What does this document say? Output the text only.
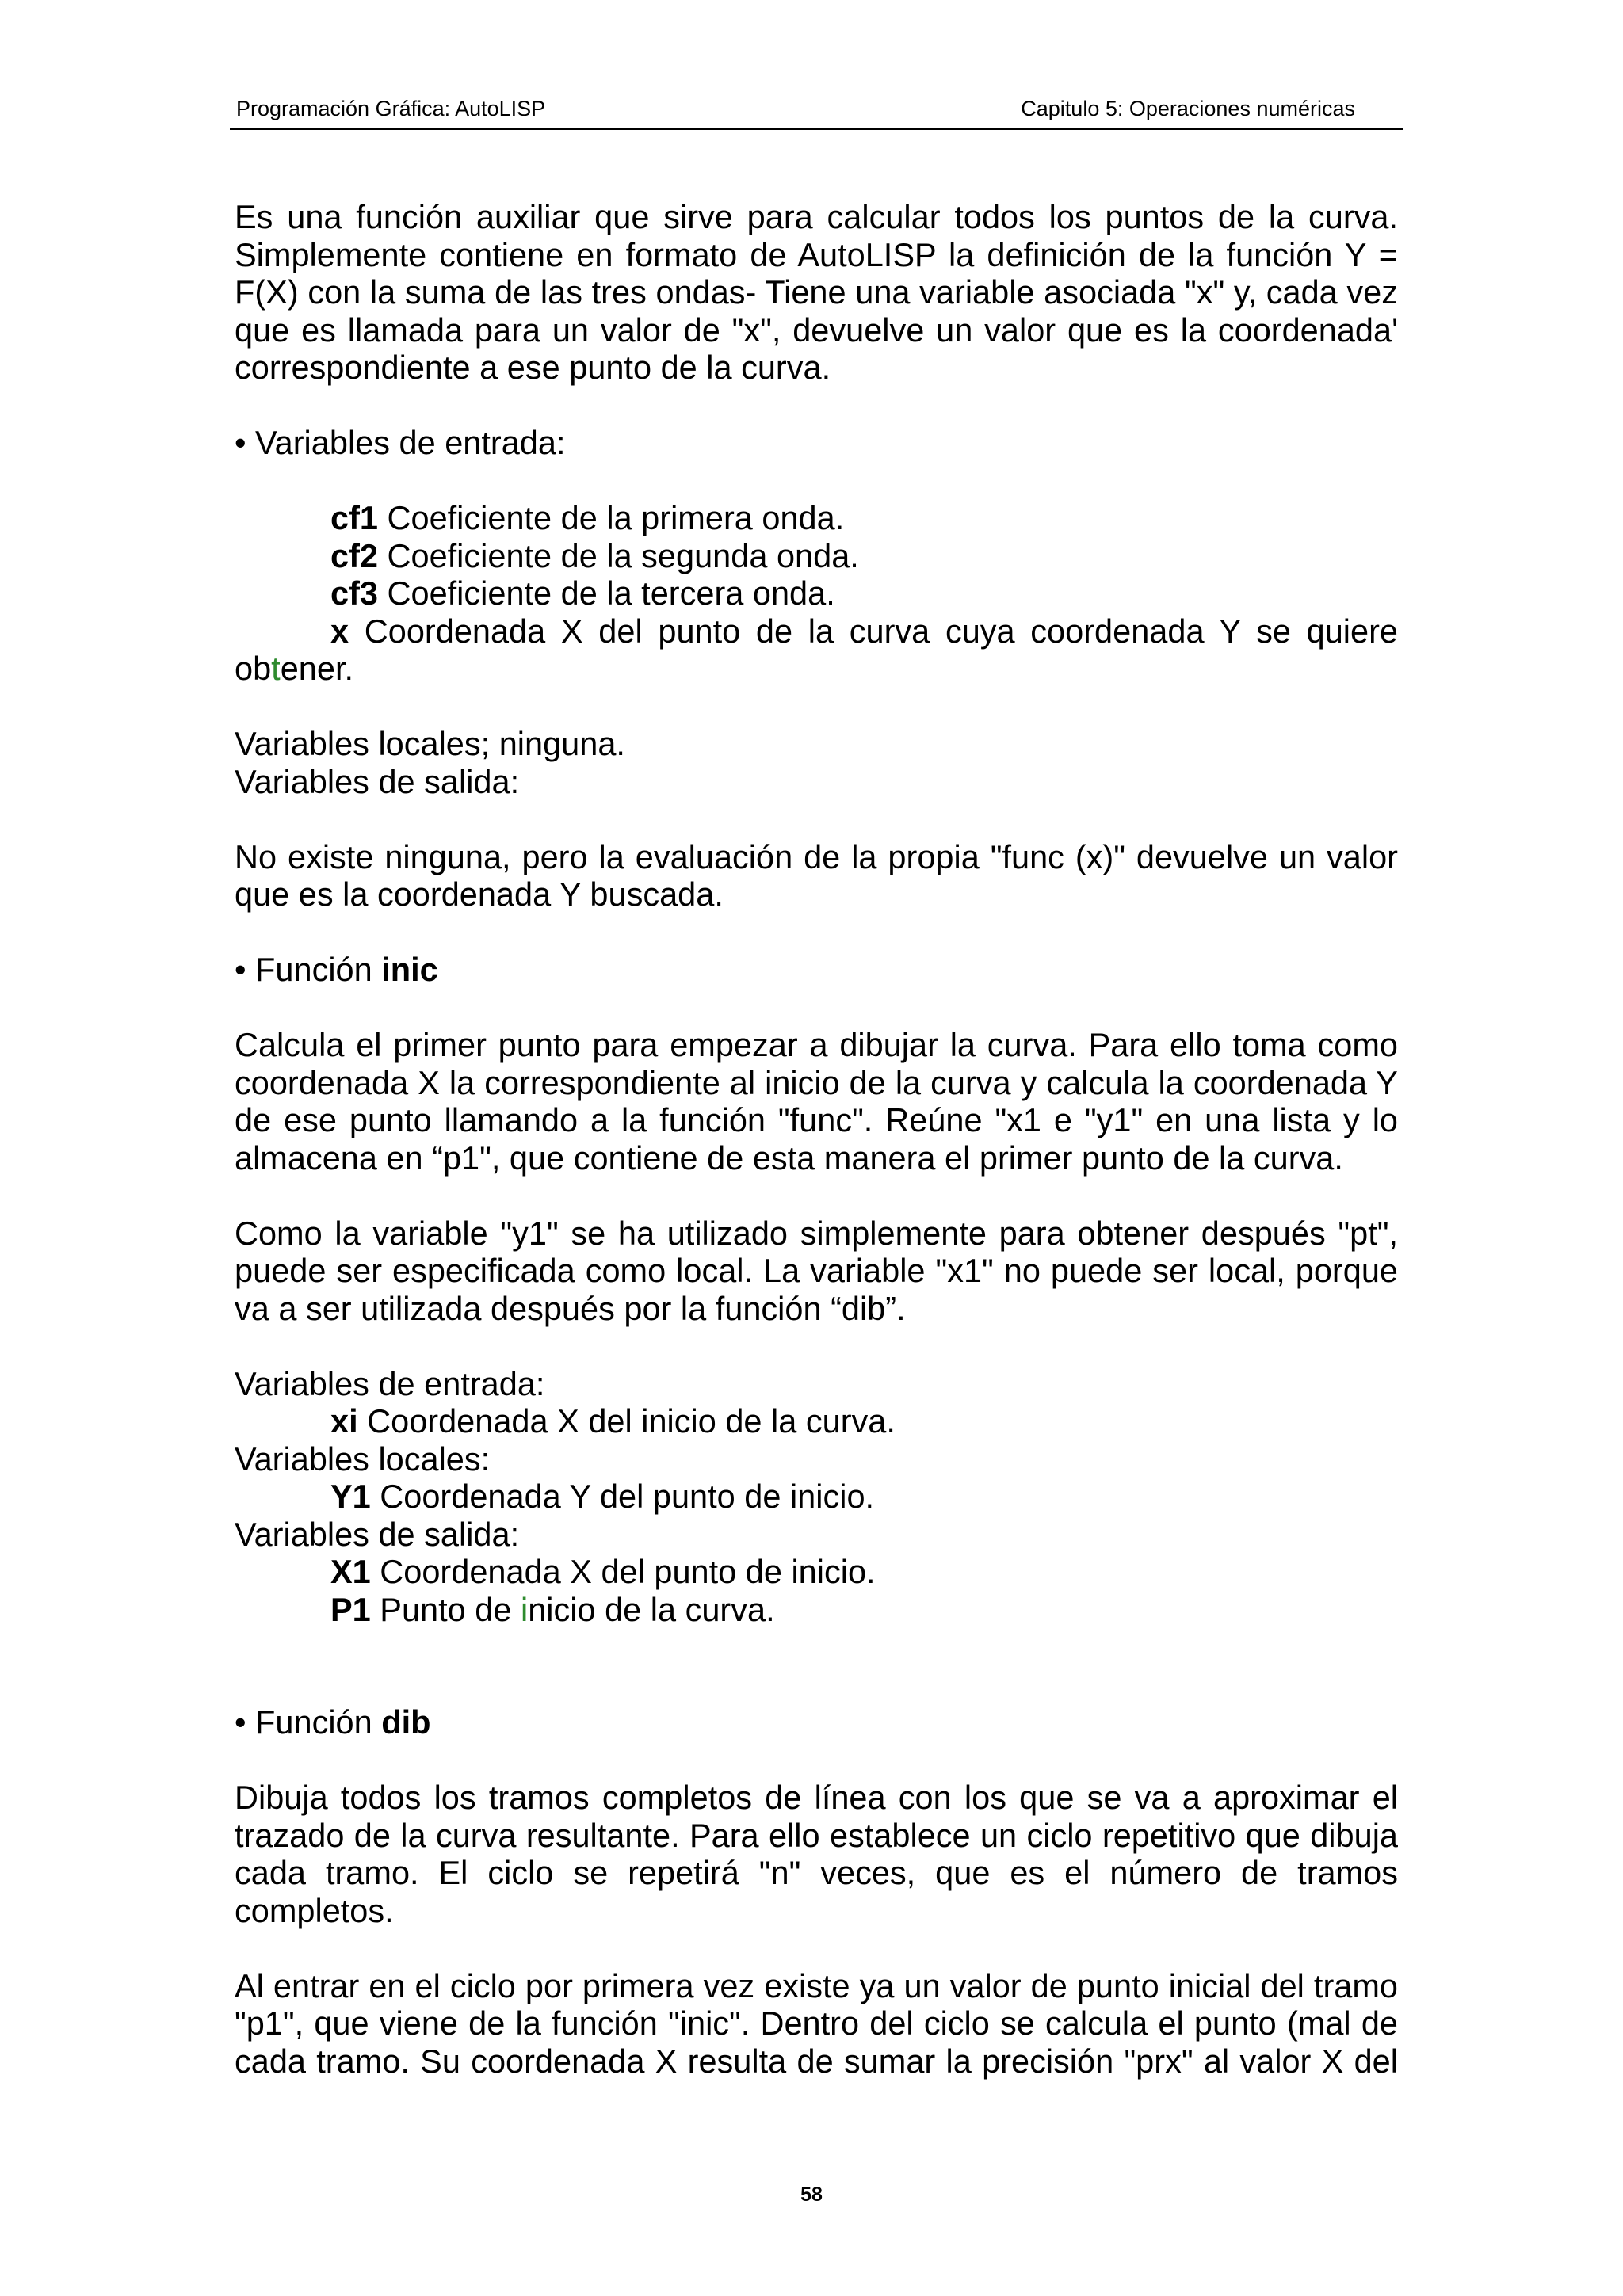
Programación Gráfica: AutoLISP	Capitulo 5: Operaciones numéricas

Es una función auxiliar que sirve para calcular todos los puntos de la curva. Simplemente contiene en formato de AutoLISP la definición de la función Y = F(X) con la suma de las tres ondas- Tiene una variable asociada "x" y, cada vez que es llamada para un valor de "x", devuelve un valor que es la coordenada' correspondiente a ese punto de la curva.

• Variables de entrada:

cf1 Coeficiente de la primera onda.

cf2 Coeficiente de la segunda onda.

cf3 Coeficiente de la tercera onda.

x Coordenada X del punto de la curva cuya coordenada Y se quiere

obtener.

Variables locales; ninguna.

Variables de salida:

No existe ninguna, pero la evaluación de la propia "func (x)" devuelve un valor que es la coordenada Y buscada.

• Función inic

Calcula el primer punto para empezar a dibujar la curva. Para ello toma como coordenada X la correspondiente al inicio de la curva y calcula la coordenada Y de ese punto llamando a la función "func". Reúne "x1 e "y1" en una lista y lo almacena en “p1", que contiene de esta manera el primer punto de la curva.

Como la variable "y1" se ha utilizado simplemente para obtener después "pt", puede ser especificada como local. La variable "x1" no puede ser local, porque va a ser utilizada después por la función “dib”.

Variables de entrada:

xi Coordenada X del inicio de la curva.

Variables locales:

Y1 Coordenada Y del punto de inicio.

Variables de salida:

X1 Coordenada X del punto de inicio.

P1 Punto de inicio de la curva.

• Función dib

Dibuja todos los tramos completos de línea con los que se va a aproximar el trazado de la curva resultante. Para ello establece un ciclo repetitivo que dibuja cada tramo. El ciclo se repetirá "n" veces, que es el número de tramos completos.

Al entrar en el ciclo por primera vez existe ya un valor de punto inicial del tramo "p1", que viene de la función "inic". Dentro del ciclo se calcula el punto (mal de cada tramo. Su coordenada X resulta de sumar la precisión "prx" al valor X del

58
